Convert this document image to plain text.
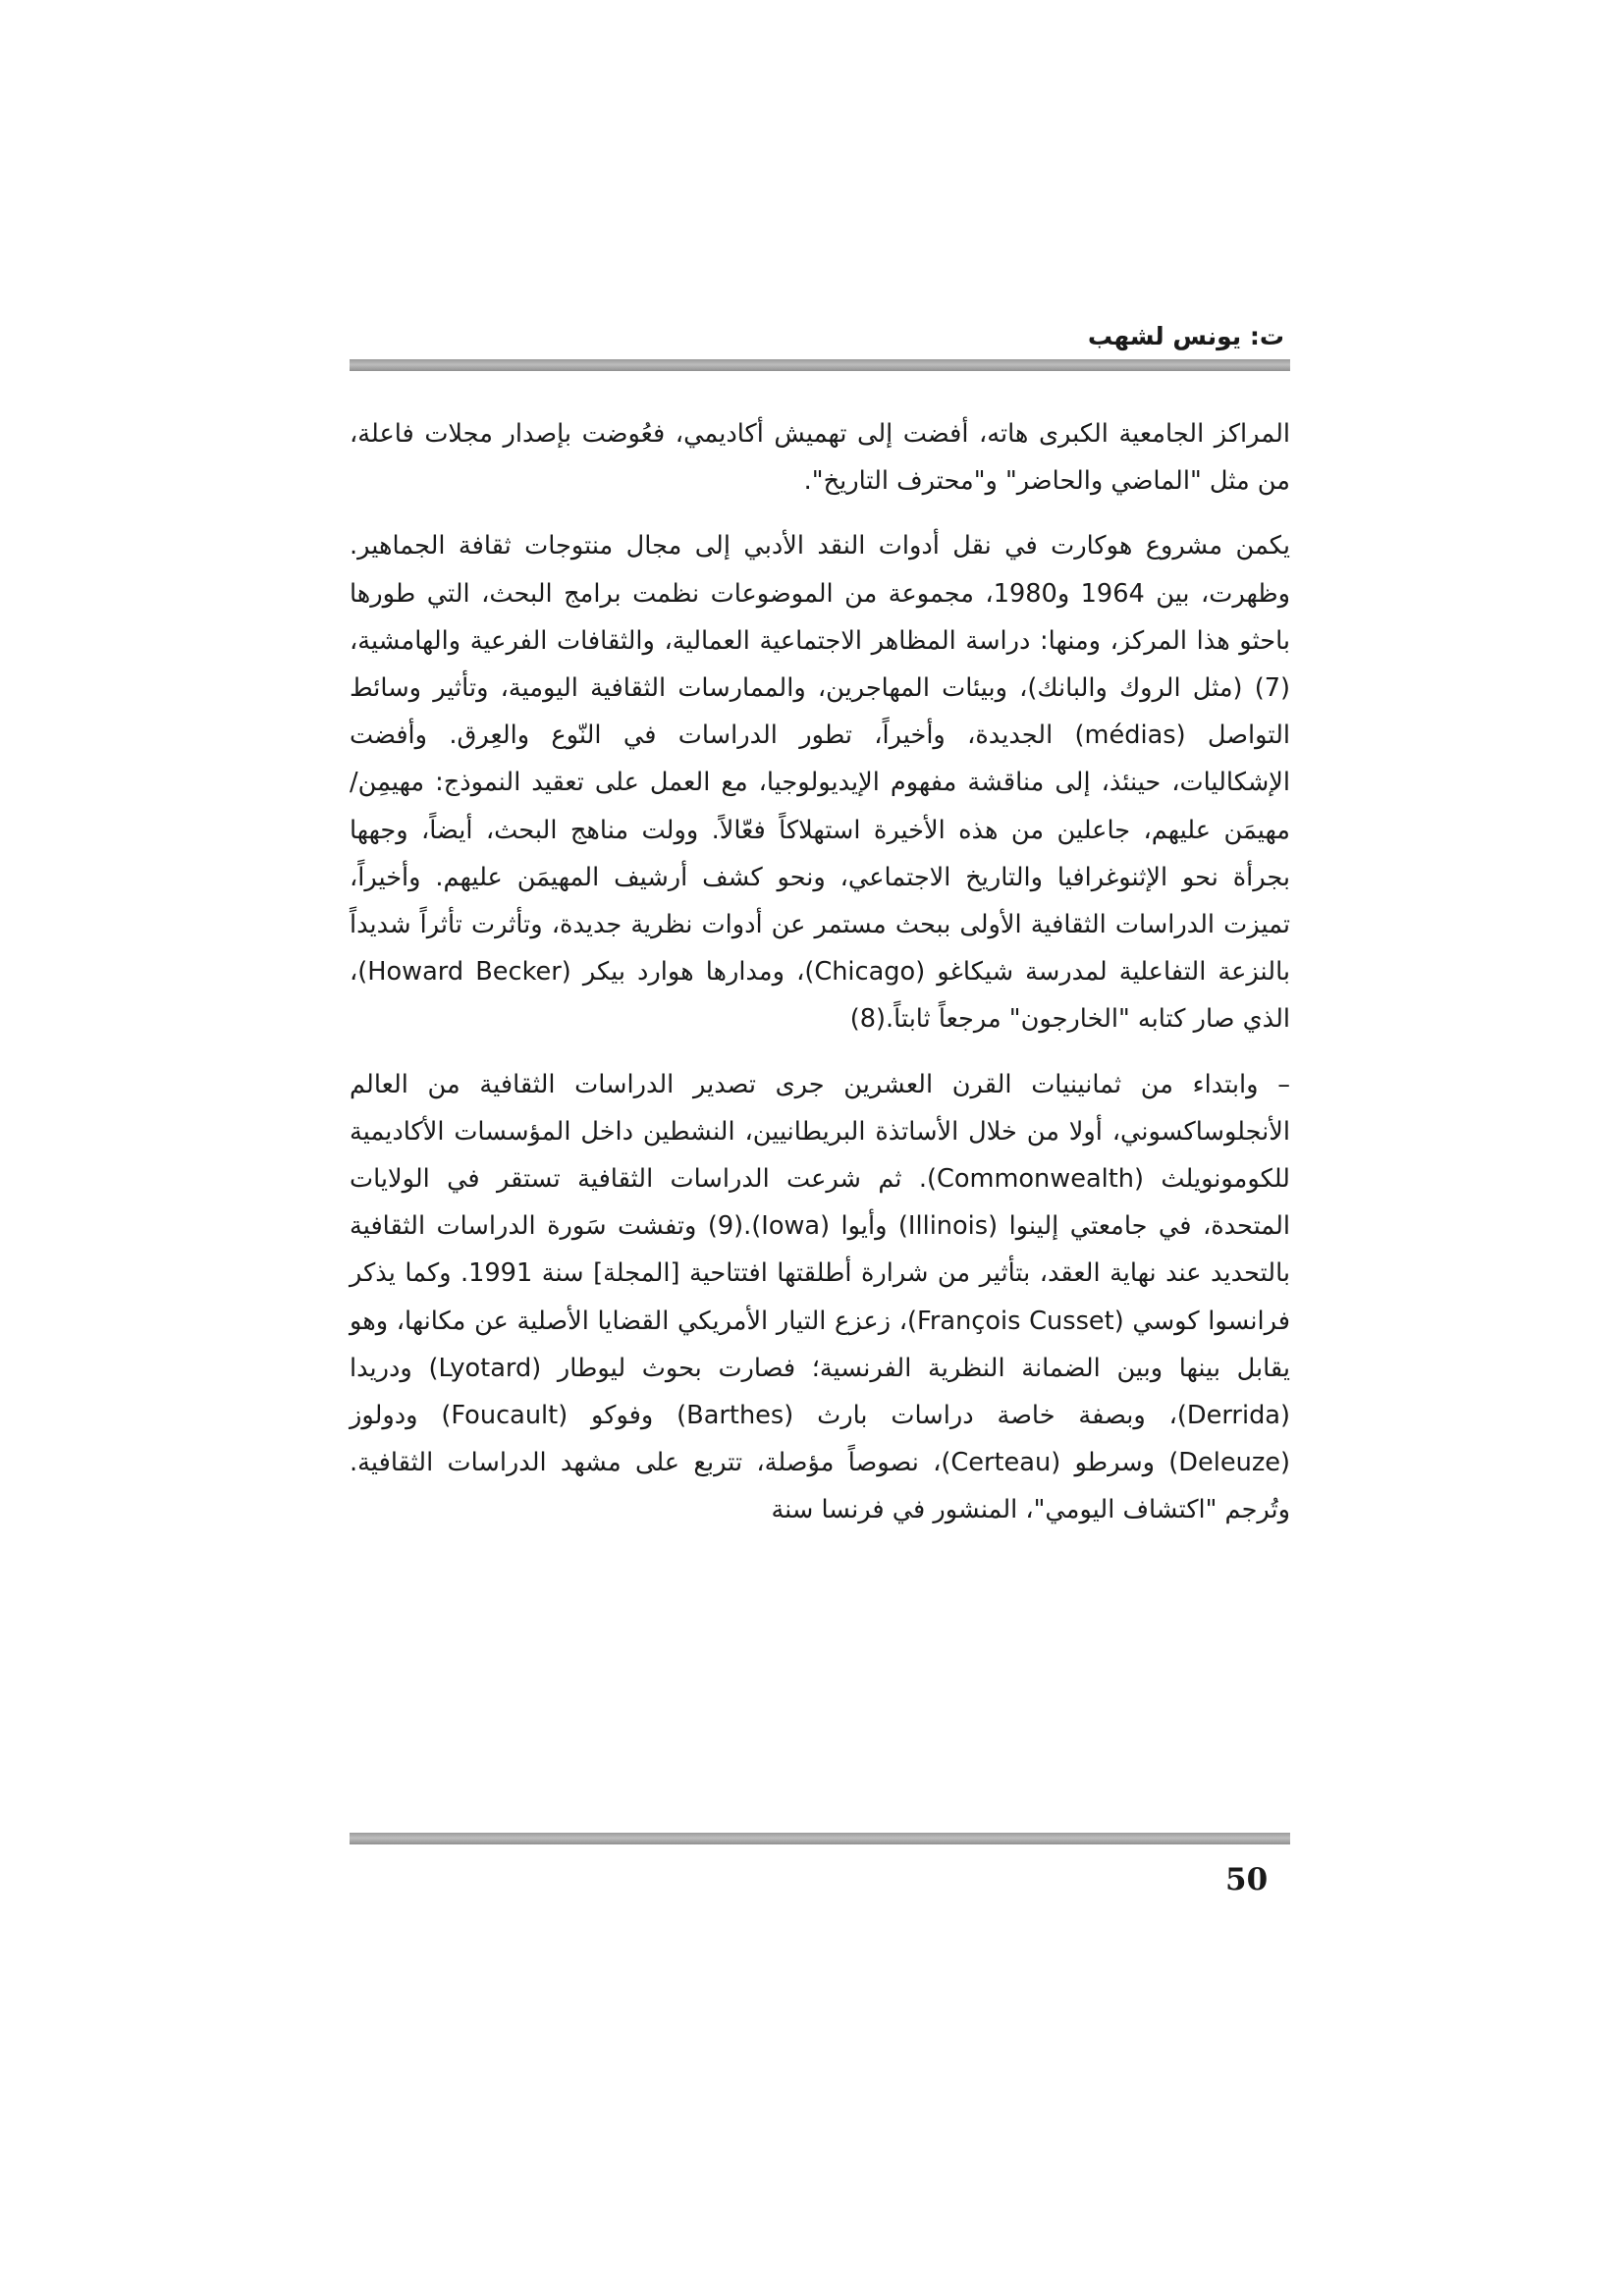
ت: يونس لشهب

المراكز الجامعية الكبرى هاته، أفضت إلى تهميش أكاديمي، فعُوضت بإصدار مجلات فاعلة، من مثل "الماضي والحاضر" و"محترف التاريخ".

يكمن مشروع هوكارت في نقل أدوات النقد الأدبي إلى مجال منتوجات ثقافة الجماهير. وظهرت، بين 1964 و1980، مجموعة من الموضوعات نظمت برامج البحث، التي طورها باحثو هذا المركز، ومنها: دراسة المظاهر الاجتماعية العمالية، والثقافات الفرعية والهامشية،(7) (مثل الروك والبانك)، وبيئات المهاجرين، والممارسات الثقافية اليومية، وتأثير وسائط التواصل (médias) الجديدة، وأخيراً، تطور الدراسات في النّوع والعِرق. وأفضت الإشكاليات، حينئذ، إلى مناقشة مفهوم الإيديولوجيا، مع العمل على تعقيد النموذج: مهيمِن/مهيمَن عليهم، جاعلين من هذه الأخيرة استهلاكاً فعّالاً. وولت مناهج البحث، أيضاً، وجهها بجرأة نحو الإثنوغرافيا والتاريخ الاجتماعي، ونحو كشف أرشيف المهيمَن عليهم. وأخيراً، تميزت الدراسات الثقافية الأولى ببحث مستمر عن أدوات نظرية جديدة، وتأثرت تأثراً شديداً بالنزعة التفاعلية لمدرسة شيكاغو (Chicago)، ومدارها هوارد بيكر (Howard Becker)، الذي صار كتابه "الخارجون" مرجعاً ثابتاً.(8)

– وابتداء من ثمانينيات القرن العشرين جرى تصدير الدراسات الثقافية من العالم الأنجلوساكسوني، أولا من خلال الأساتذة البريطانيين، النشطين داخل المؤسسات الأكاديمية للكومونويلث (Commonwealth). ثم شرعت الدراسات الثقافية تستقر في الولايات المتحدة، في جامعتي إلينوا (Illinois) وأيوا (Iowa).(9) وتفشت سَورة الدراسات الثقافية بالتحديد عند نهاية العقد، بتأثير من شرارة أطلقتها افتتاحية [المجلة] سنة 1991. وكما يذكر فرانسوا كوسي (François Cusset)، زعزع التيار الأمريكي القضايا الأصلية عن مكانها، وهو يقابل بينها وبين الضمانة النظرية الفرنسية؛ فصارت بحوث ليوطار (Lyotard) ودريدا (Derrida)، وبصفة خاصة دراسات بارث (Barthes) وفوكو (Foucault) ودولوز (Deleuze) وسرطو (Certeau)، نصوصاً مؤصلة، تتربع على مشهد الدراسات الثقافية. وتُرجم "اكتشاف اليومي"، المنشور في فرنسا سنة

50
